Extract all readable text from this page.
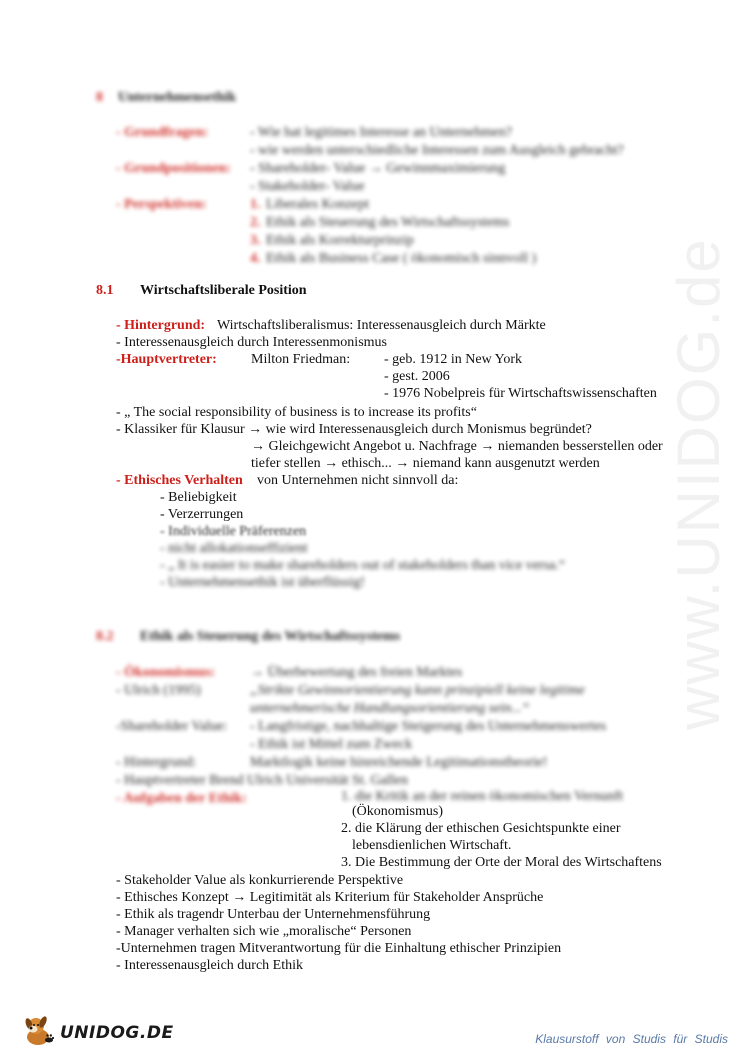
www.UNIDOG.de
8 Unternehmensethik
- Grundfragen:	- Wie hat legitimes Interesse an Unternehmen?
- wie werden unterschiedliche Interessen zum Ausgleich gebracht?
- Grundpositionen: - Shareholder- Value → Gewinnmaximierung
- Stakeholder- Value
- Perspektiven:	1. Liberales Konzept
2. Ethik als Steuerung des Wirtschaftssystems
3. Ethik als Korrekturprinzip
4. Ethik als Business Case ( ökonomisch sinnvoll )
8.1 Wirtschaftsliberale Position
- Hintergrund: Wirtschaftsliberalismus: Interessenausgleich durch Märkte
- Interessenausgleich durch Interessenmonismus
-Hauptvertreter: Milton Friedman: - geb. 1912 in New York
- gest. 2006
- 1976 Nobelpreis für Wirtschaftswissenschaften
- „ The social responsibility of business is to increase its profits“
- Klassiker für Klausur → wie wird Interessenausgleich durch Monismus begründet?
→ Gleichgewicht Angebot u. Nachfrage → niemanden besserstellen oder
tiefer stellen → ethisch... → niemand kann ausgenutzt werden
- Ethisches Verhalten von Unternehmen nicht sinnvoll da:
- Beliebigkeit
- Verzerrungen
- Individuelle Präferenzen
- nicht allokationseffizient
- „ It is easier to make shareholders out of stakeholders than vice versa.“
- Unternehmensethik ist überflüssig!
8.2 Ethik als Steuerung des Wirtschaftssystems
- Ökonomismus: → Überbewertung des freien Marktes
- Ulrich (1995)	„Strikte Gewinnorientierung kann prinzipiell keine legitime
unternehmerische Handlungsorientierung sein...“
-Shareholder Value: - Langfristige, nachhaltige Steigerung des Unternehmenswertes
- Ethik ist Mittel zum Zweck
- Hintergrund:	Marktlogik keine hinreichende Legitimationstheorie!
- Hauptvertreter Brend Ulrich Universität St. Gallen
- Aufgaben der Ethik:	1. die Kritik an der reinen ökonomischen Vernunft
(Ökonomismus)
2. die Klärung der ethischen Gesichtspunkte einer
lebensdienlichen Wirtschaft.
3. Die Bestimmung der Orte der Moral des Wirtschaftens
- Stakeholder Value als konkurrierende Perspektive
- Ethisches Konzept → Legitimität als Kriterium für Stakeholder Ansprüche
- Ethik als tragendr Unterbau der Unternehmensführung
- Manager verhalten sich wie „moralische“ Personen
-Unternehmen tragen Mitverantwortung für die Einhaltung ethischer Prinzipien
- Interessenausgleich durch Ethik
UNIDOG.DE	Klausurstoff von Studis für Studis
